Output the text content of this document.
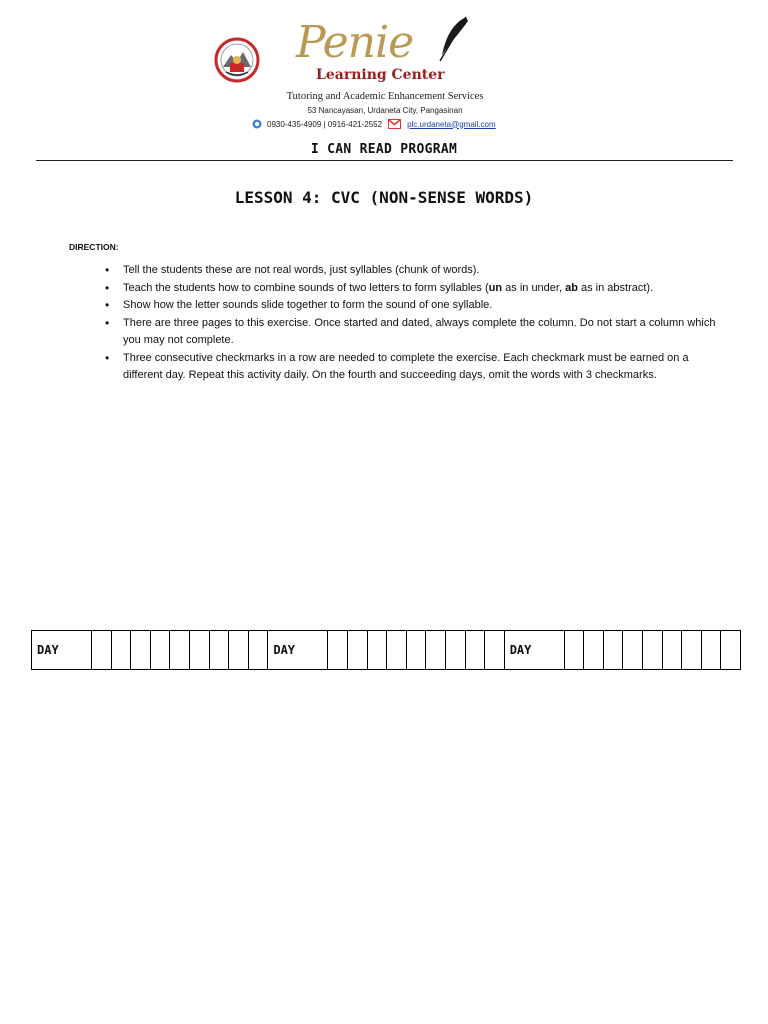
Penie
Learning Center
Tutoring and Academic Enhancement Services
53 Nancayasan, Urdaneta City, Pangasinan
0930-435-4909 | 0916-421-2552	plc.urdaneta@gmail.com
I CAN READ PROGRAM
LESSON 4: CVC (NON-SENSE WORDS)
DIRECTION:
• Tell the students these are not real words, just syllables (chunk of words).
• Teach the students how to combine sounds of two letters to form syllables (un as in under, ab as in abstract).
• Show how the letter sounds slide together to form the sound of one syllable.
• There are three pages to this exercise. Once started and dated, always complete the column. Do not start a column which you may not complete.
• Three consecutive checkmarks in a row are needed to complete the exercise. Each checkmark must be earned on a different day. Repeat this activity daily. On the fourth and succeeding days, omit the words with 3 checkmarks.
DAY										DAY										DAY									
